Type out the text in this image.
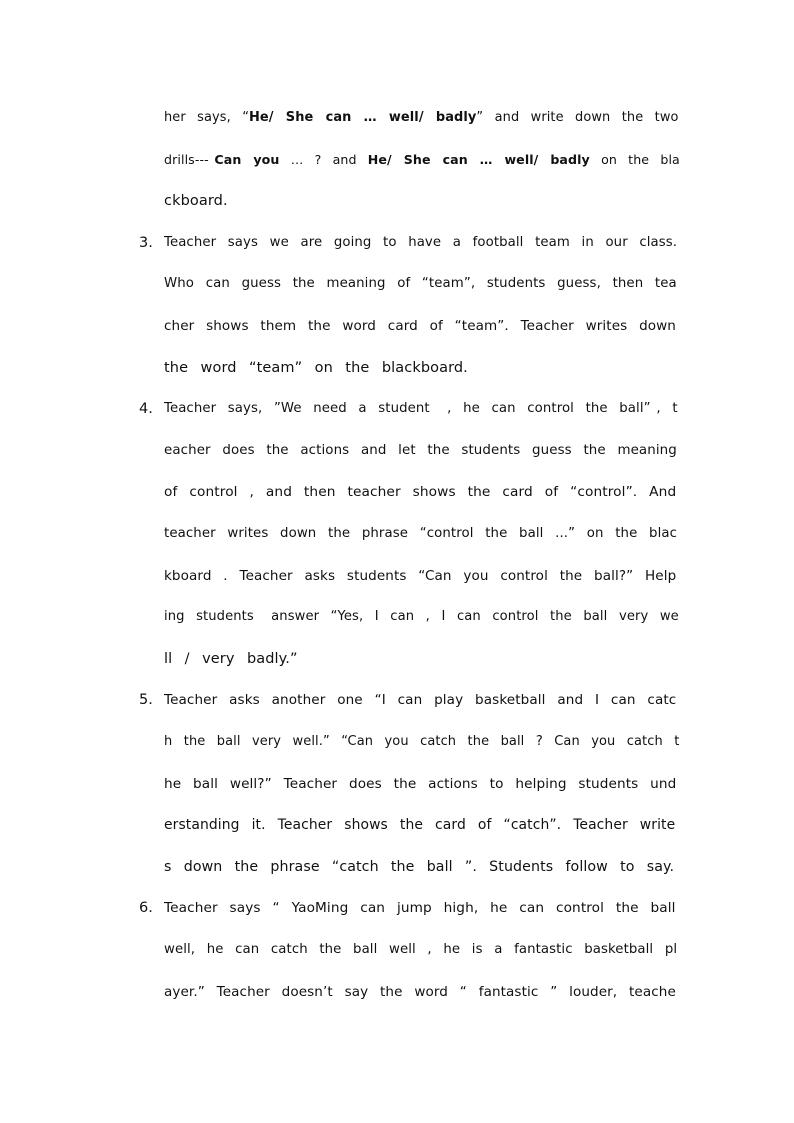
her  says,  “He/  She  can  …  well/  badly”  and  write  down  the  two
drills--- Can  you  …  ?  and  He/  She  can  …  well/  badly  on  the  bla
ckboard.
3. Teacher  says  we  are  going  to  have  a  football  team  in  our  class.
Who  can  guess  the  meaning  of  “team”,  students  guess,  then  tea
cher  shows  them  the  word  card  of  “team”.  Teacher  writes  down
the  word  “team”  on  the  blackboard.
4. Teacher  says,  ”We  need  a  student   ,  he  can  control  the  ball” ,  t
eacher  does  the  actions  and  let  the  students  guess  the  meaning
of  control  ,  and  then  teacher  shows  the  card  of  “control”.  And
teacher  writes  down  the  phrase  “control  the  ball  ...”  on  the  blac
kboard  .  Teacher  asks  students  “Can  you  control  the  ball?”  Help
ing  students   answer  “Yes,  I  can  ,  I  can  control  the  ball  very  we
ll  /  very  badly.”
5. Teacher  asks  another  one  “I  can  play  basketball  and  I  can  catc
h  the  ball  very  well.”  “Can  you  catch  the  ball  ?  Can  you  catch  t
he  ball  well?”  Teacher  does  the  actions  to  helping  students  und
erstanding  it.  Teacher  shows  the  card  of  “catch”.  Teacher  write
s  down  the  phrase  “catch  the  ball  ”.  Students  follow  to  say.
6. Teacher  says  “  YaoMing  can  jump  high,  he  can  control  the  ball
well,  he  can  catch  the  ball  well  ,  he  is  a  fantastic  basketball  pl
ayer.”  Teacher  doesn’t  say  the  word  “  fantastic  ”  louder,  teache
